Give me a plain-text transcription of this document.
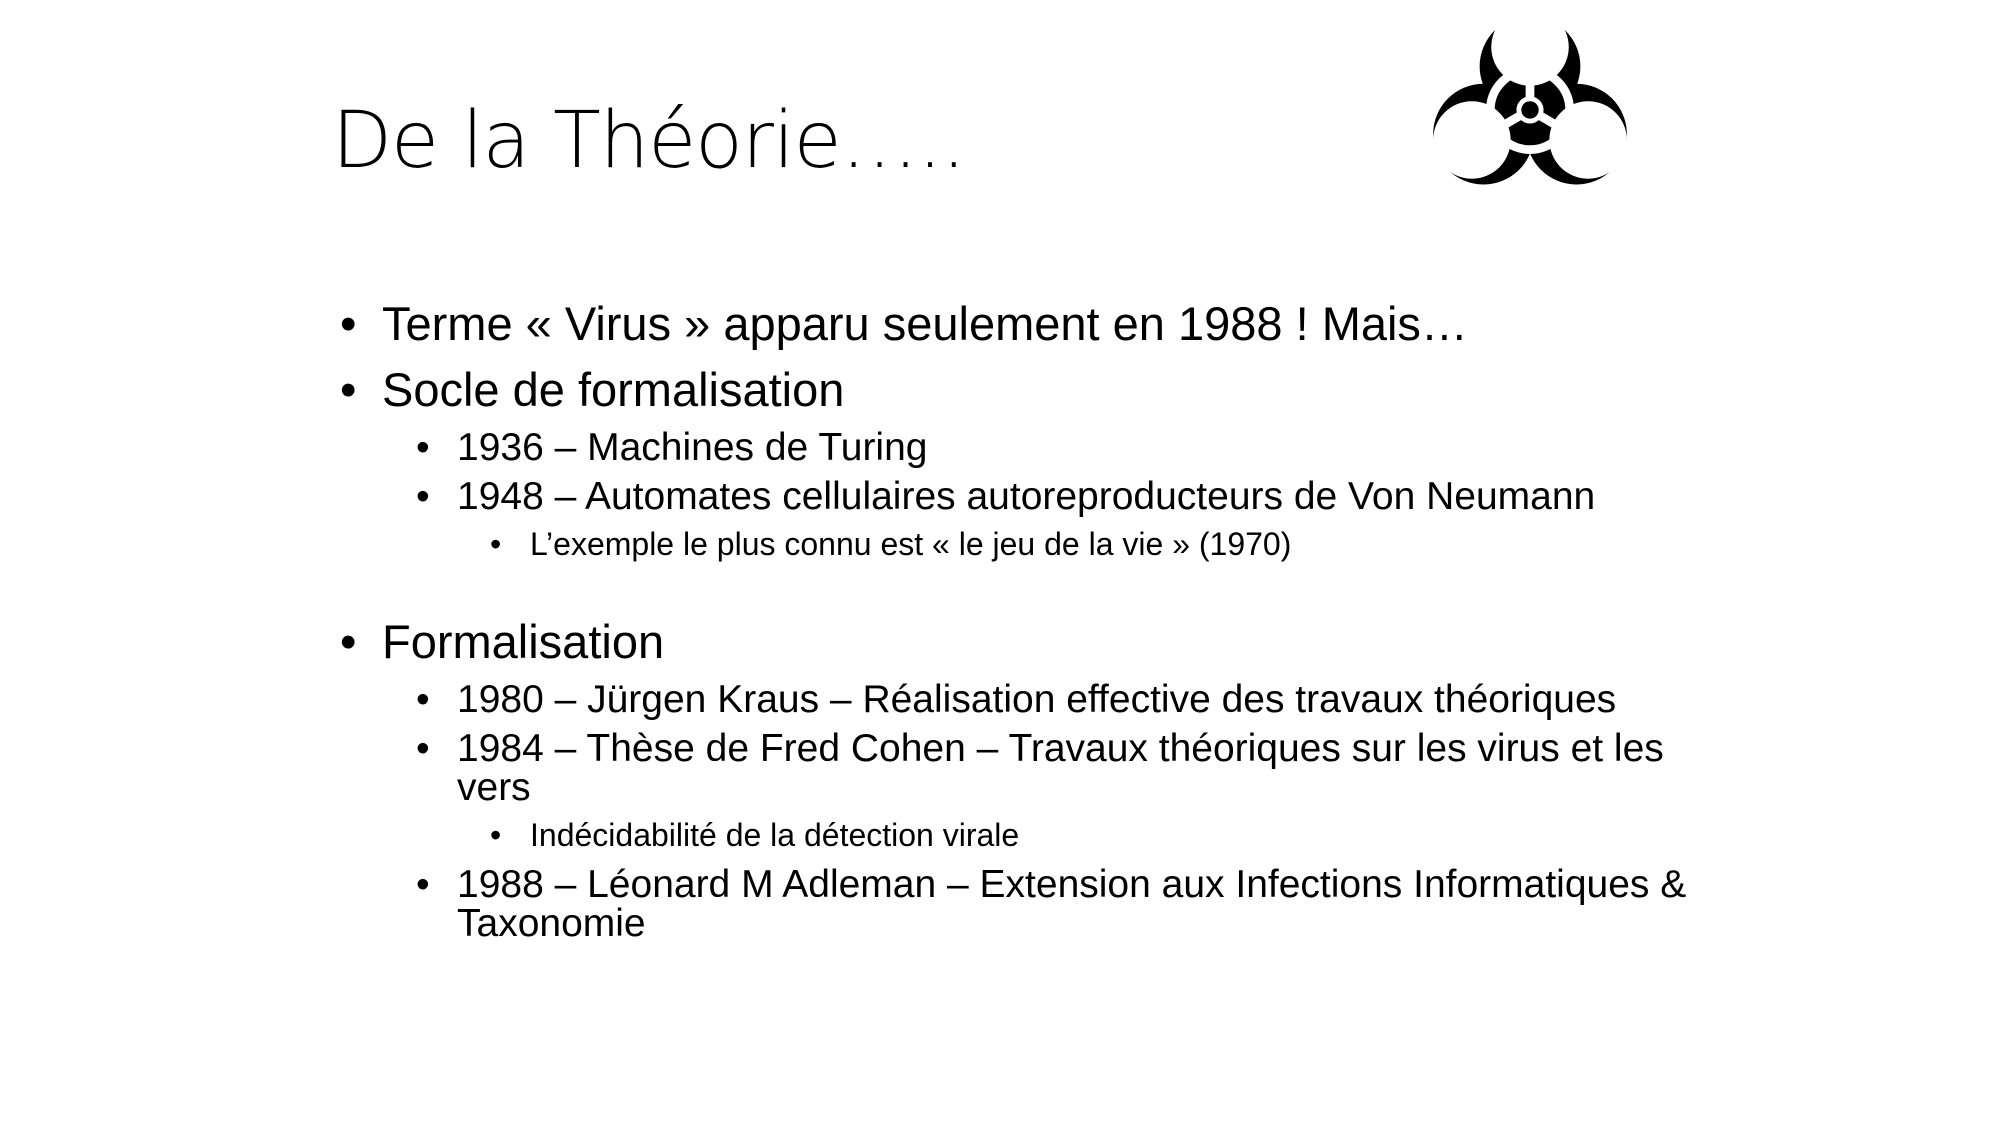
De la Théorie…..
• Terme « Virus » apparu seulement en 1988 ! Mais…
• Socle de formalisation
• 1936 – Machines de Turing
• 1948 – Automates cellulaires autoreproducteurs de Von Neumann
• L’exemple le plus connu est « le jeu de la vie » (1970)
• Formalisation
• 1980 – Jürgen Kraus – Réalisation effective des travaux théoriques
• 1984 – Thèse de Fred Cohen – Travaux théoriques sur les virus et les vers
• Indécidabilité de la détection virale
• 1988 – Léonard M Adleman – Extension aux Infections Informatiques & Taxonomie
